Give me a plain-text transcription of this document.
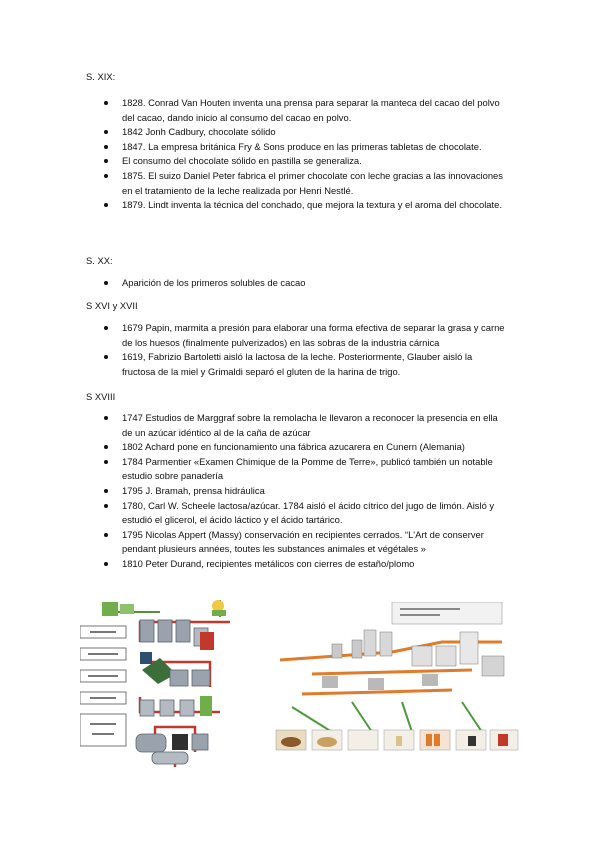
S. XIX:
1828. Conrad Van Houten inventa una prensa para separar la manteca del cacao del polvo del cacao, dando inicio al consumo del cacao en polvo.
1842 Jonh Cadbury, chocolate sólido
1847. La empresa británica Fry & Sons produce en las primeras tabletas de chocolate.
El consumo del chocolate sólido en pastilla se generaliza.
1875. El suizo Daniel Peter fabrica el primer chocolate con leche gracias a las innovaciones en el tratamiento de la leche realizada por Henri Nestlé.
1879. Lindt inventa la técnica del conchado, que mejora la textura y el aroma del chocolate.
S. XX:
Aparición de los primeros solubles de cacao
S XVI y XVII
1679 Papin, marmita a presión para elaborar una forma efectiva de separar la grasa y carne de los huesos (finalmente pulverizados) en las sobras de la industria cárnica
1619, Fabrizio Bartoletti aisló la lactosa de la leche. Posteriormente, Glauber aisló la fructosa de la miel y Grimaldi separó el gluten de la harina de trigo.
S XVIII
1747 Estudios de Marggraf sobre la remolacha le llevaron a reconocer la presencia en ella de un azúcar idéntico al de la caña de azúcar
1802 Achard pone en funcionamiento una fábrica azucarera en Cunern (Alemania)
1784 Parmentier «Examen Chimique de la Pomme de Terre», publicó también un notable estudio sobre panadería
1795 J. Bramah, prensa hidráulica
1780, Carl W. Scheele lactosa/azúcar. 1784 aisló el ácido cítrico del jugo de limón. Aisló y estudió el glicerol, el ácido láctico y el ácido tartárico.
1795 Nicolas Appert (Massy) conservación en recipientes cerrados. “L'Art de conserver pendant plusieurs années, toutes les substances animales et végétales »
1810 Peter Durand, recipientes metálicos con cierres de estaño/plomo
